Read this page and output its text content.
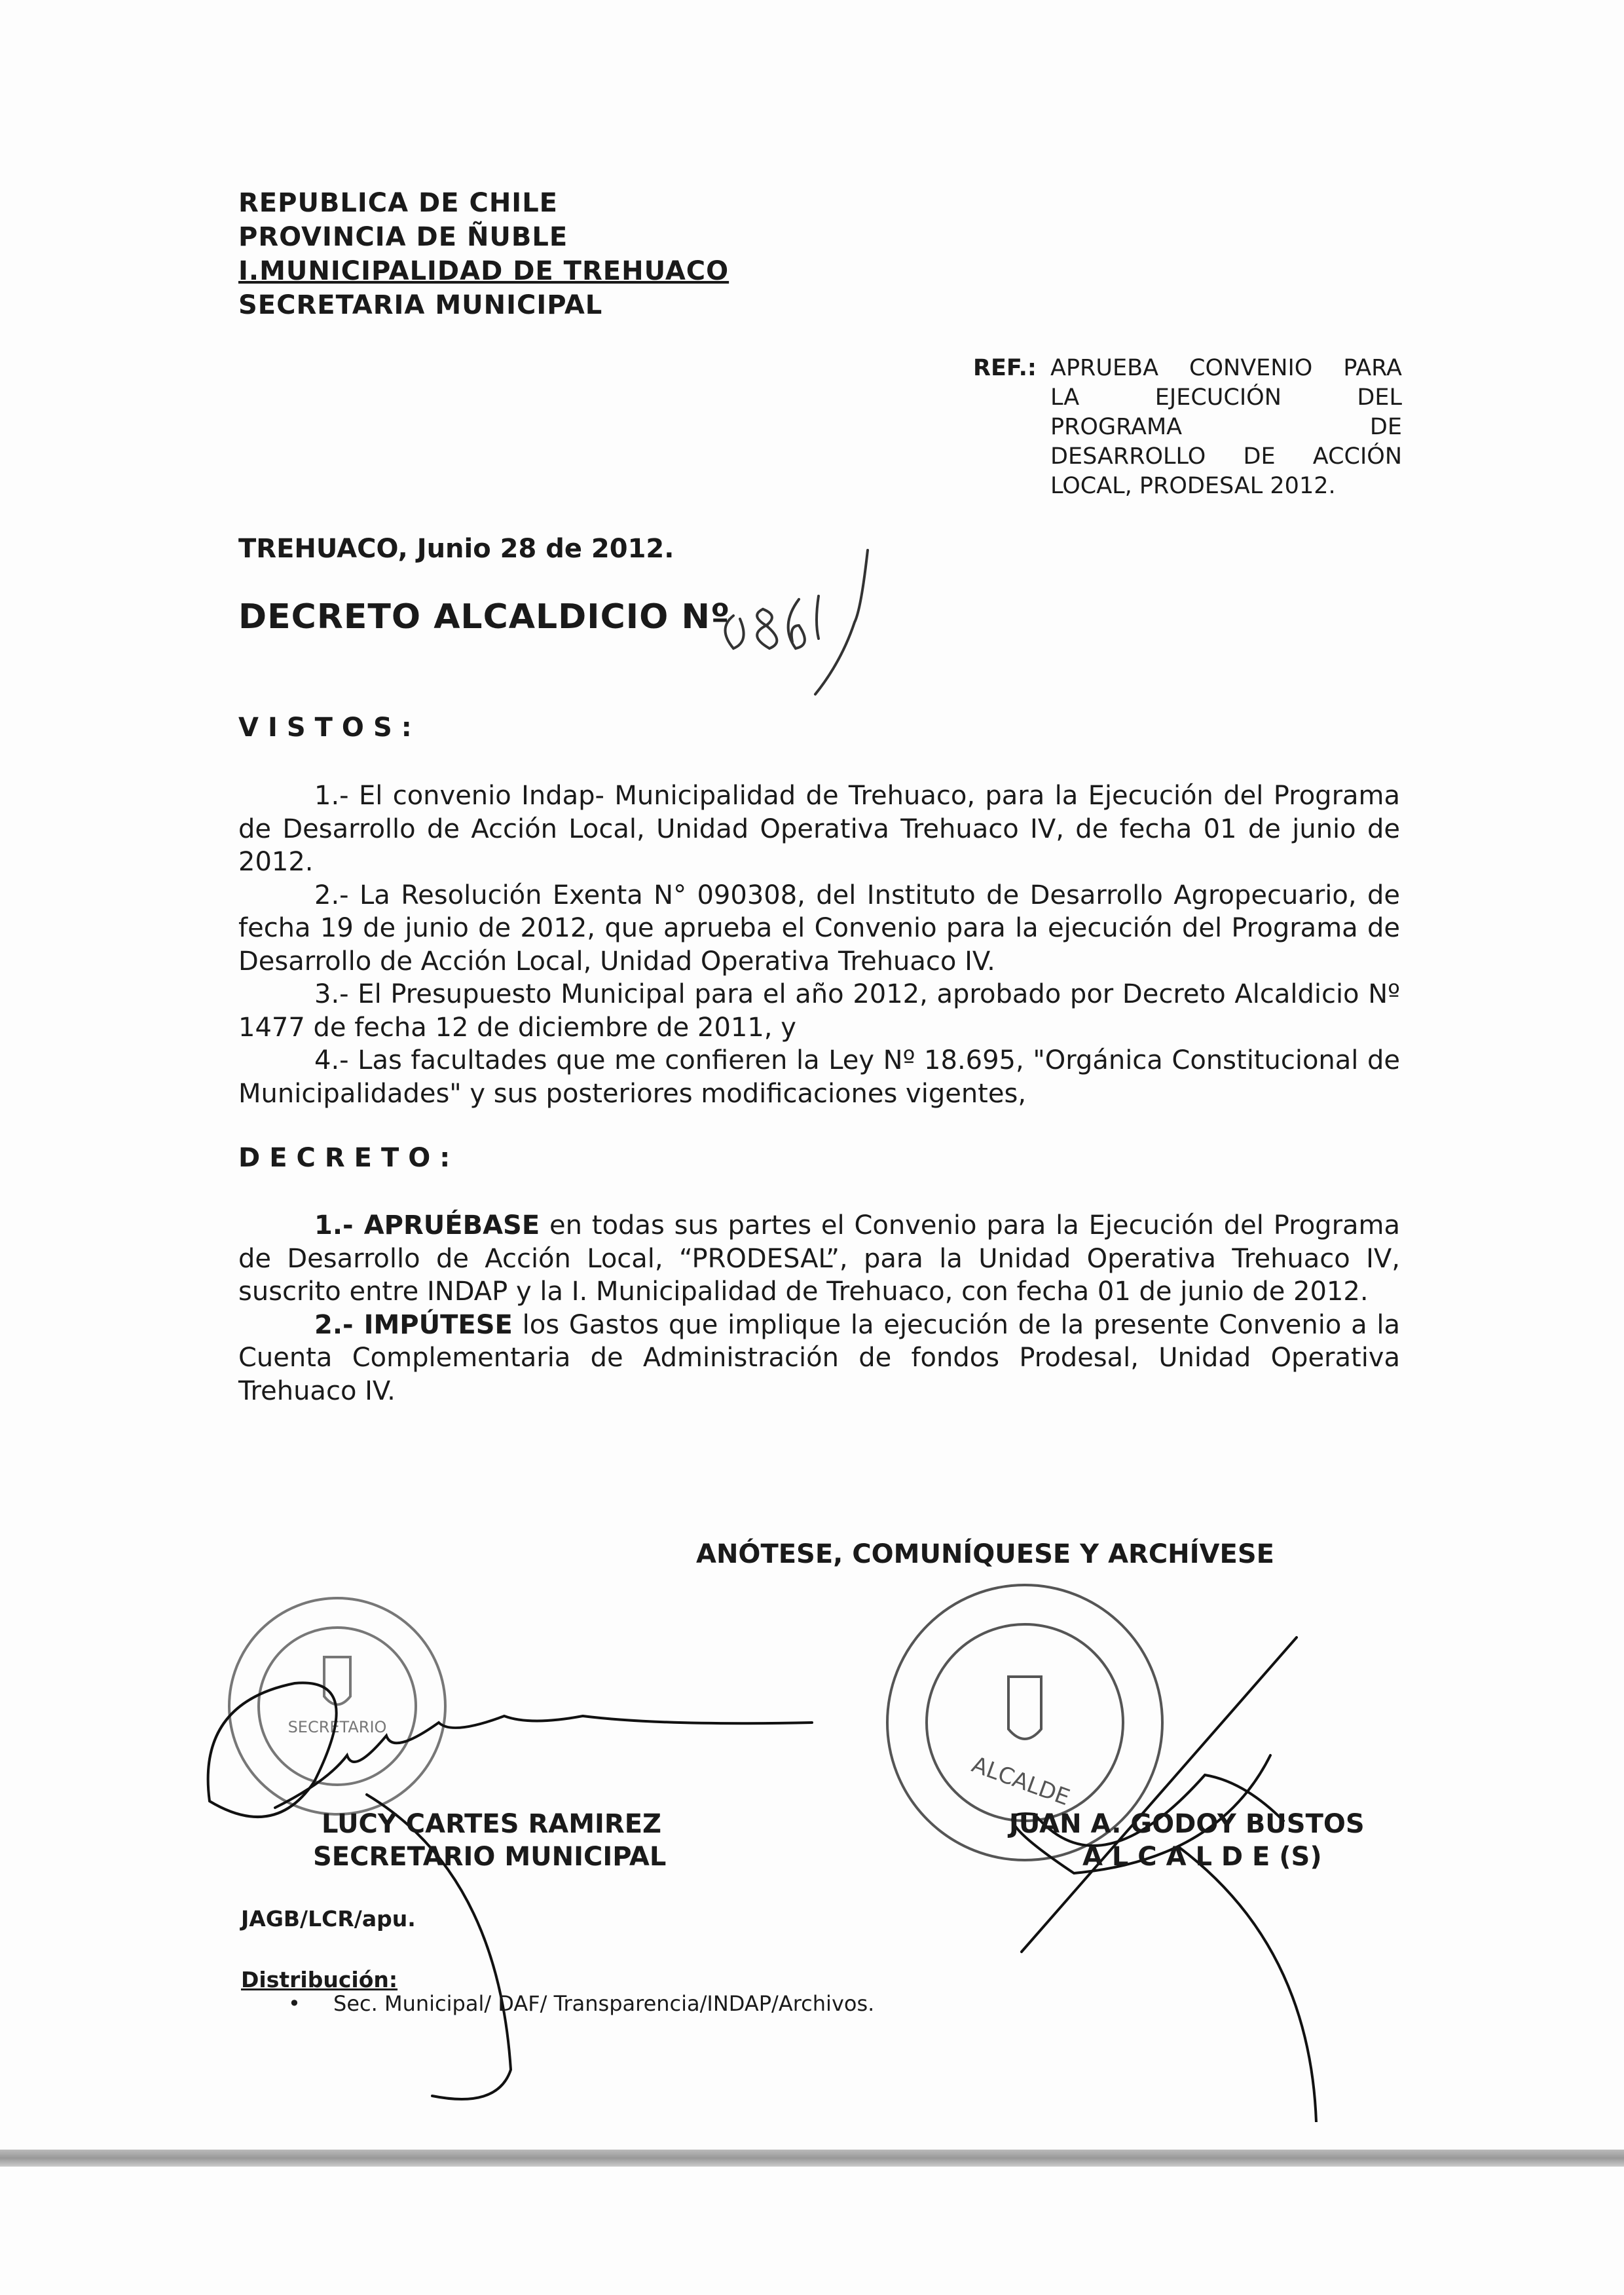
REPUBLICA DE CHILE
PROVINCIA DE ÑUBLE
I.MUNICIPALIDAD DE TREHUACO
SECRETARIA MUNICIPAL
REF.: APRUEBA CONVENIO PARA
LA EJECUCIÓN DEL
PROGRAMA DE
DESARROLLO DE ACCIÓN
LOCAL, PRODESAL 2012.
TREHUACO, Junio 28 de 2012.
DECRETO ALCALDICIO Nº
VISTOS:

1.- El convenio Indap- Municipalidad de Trehuaco, para la Ejecución del Programa de Desarrollo de Acción Local, Unidad Operativa Trehuaco IV, de fecha 01 de junio de 2012.

2.- La Resolución Exenta N° 090308, del Instituto de Desarrollo Agropecuario, de fecha 19 de junio de 2012, que aprueba el Convenio para la ejecución del Programa de Desarrollo de Acción Local, Unidad Operativa Trehuaco IV.

3.- El Presupuesto Municipal para el año 2012, aprobado por Decreto Alcaldicio Nº 1477 de fecha 12 de diciembre de 2011, y

4.- Las facultades que me confieren la Ley Nº 18.695, "Orgánica Constitucional de Municipalidades" y sus posteriores modificaciones vigentes,

DECRETO:

1.- APRUÉBASE en todas sus partes el Convenio para la Ejecución del Programa de Desarrollo de Acción Local, “PRODESAL”, para la Unidad Operativa Trehuaco IV, suscrito entre INDAP y la I. Municipalidad de Trehuaco, con fecha 01 de junio de 2012.

2.- IMPÚTESE los Gastos que implique la ejecución de la presente Convenio a la Cuenta Complementaria de Administración de fondos Prodesal, Unidad Operativa Trehuaco IV.

ANÓTESE, COMUNÍQUESE Y ARCHÍVESE
SECRETARIO
ALCALDE
LUCY CARTES RAMIREZ
SECRETARIO MUNICIPAL
JUAN A. GODOY BUSTOS
A L C A L D E (S)
JAGB/LCR/apu.
Distribución:
• Sec. Municipal/ DAF/ Transparencia/INDAP/Archivos.
